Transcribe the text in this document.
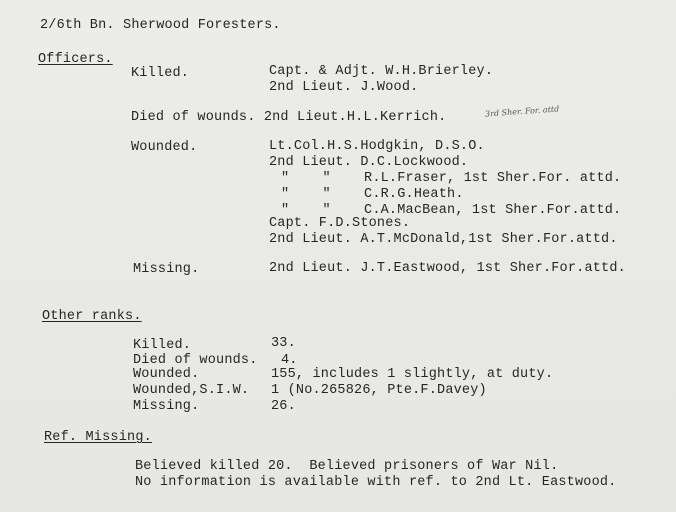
2/6th Bn. Sherwood Foresters.
Officers.
Killed.	Capt. & Adjt. W.H.Brierley.
2nd Lieut. J.Wood.
Died of wounds. 2nd Lieut.H.L.Kerrich.	3rd Sher. For. attd
Wounded.	Lt.Col.H.S.Hodgkin, D.S.O.
2nd Lieut. D.C.Lockwood.
"    "    R.L.Fraser, 1st Sher.For. attd.
"    "    C.R.G.Heath.
"    "    C.A.MacBean, 1st Sher.For.attd.
Capt. F.D.Stones.
2nd Lieut. A.T.McDonald,1st Sher.For.attd.
Missing.	2nd Lieut. J.T.Eastwood, 1st Sher.For.attd.
Other ranks.
Killed.	33.
Died of wounds. 4.
Wounded.	155, includes 1 slightly, at duty.
Wounded,S.I.W. 1 (No.265826, Pte.F.Davey)
Missing.	26.
Ref. Missing.
Believed killed 20.  Believed prisoners of War Nil.
No information is available with ref. to 2nd Lt. Eastwood.
